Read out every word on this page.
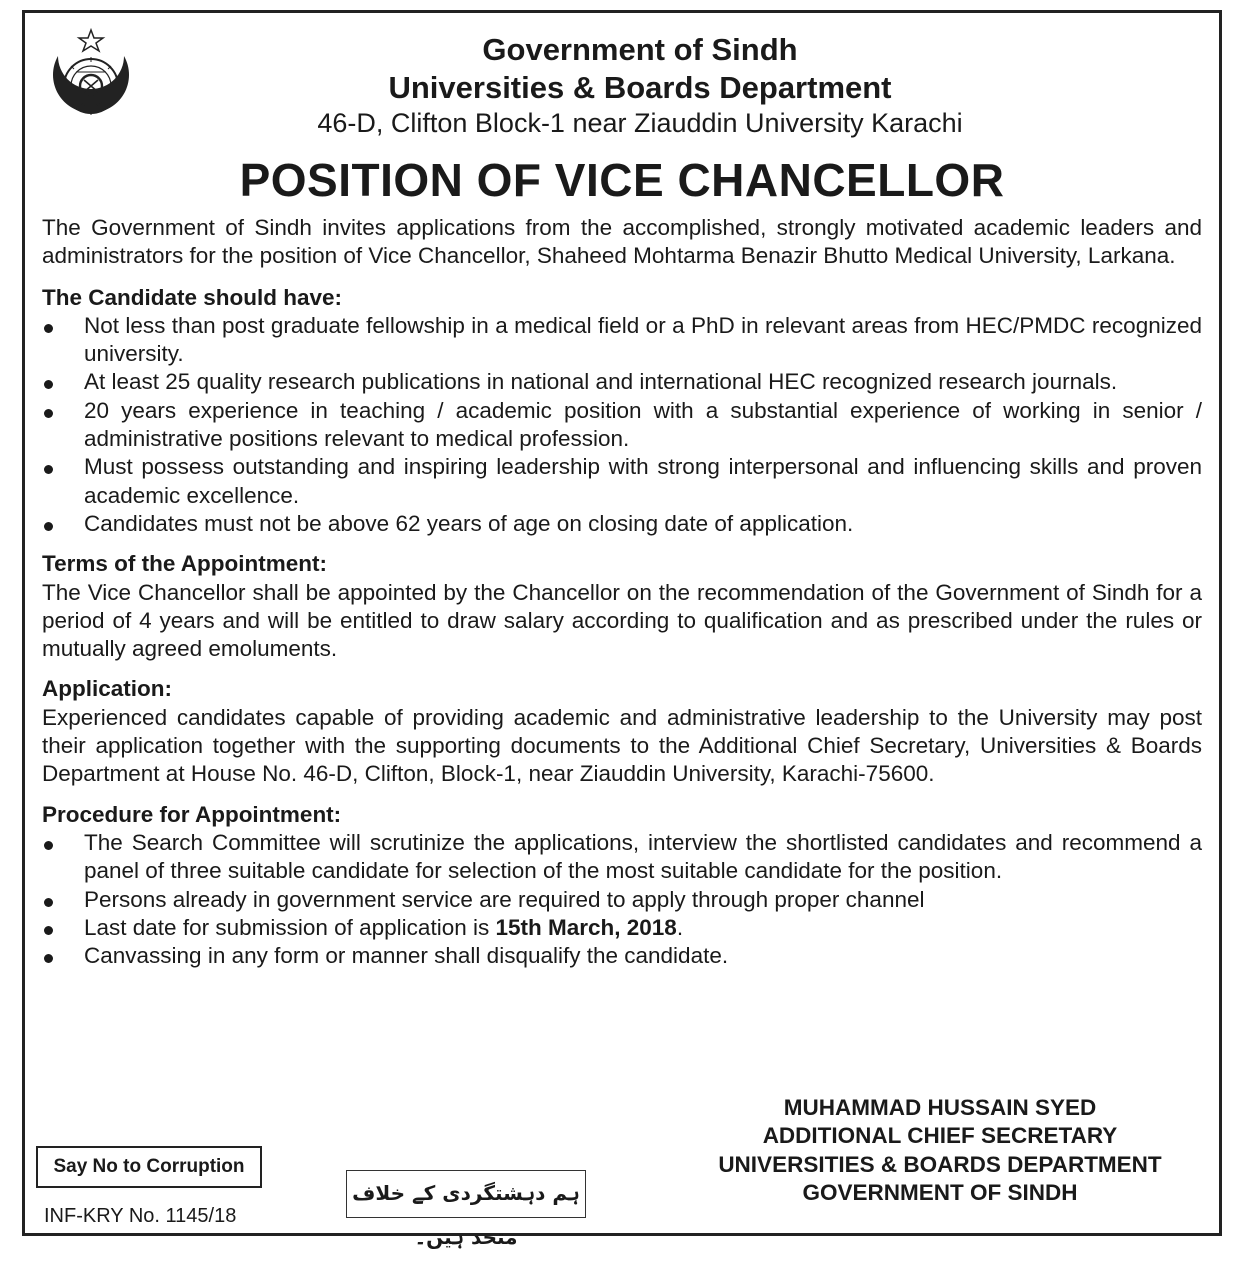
Government of Sindh
Universities & Boards Department
46-D, Clifton Block-1 near Ziauddin University Karachi
POSITION OF VICE CHANCELLOR

The Government of Sindh invites applications from the accomplished, strongly motivated academic leaders and administrators for the position of Vice Chancellor, Shaheed Mohtarma Benazir Bhutto Medical University, Larkana.

The Candidate should have:

Not less than post graduate fellowship in a medical field or a PhD in relevant areas from HEC/PMDC recognized university.
At least 25 quality research publications in national and international HEC recognized research journals.
20 years experience in teaching / academic position with a substantial experience of working in senior / administrative positions relevant to medical profession.
Must possess outstanding and inspiring leadership with strong interpersonal and influencing skills and proven academic excellence.
Candidates must not be above 62 years of age on closing date of application.

Terms of the Appointment:

The Vice Chancellor shall be appointed by the Chancellor on the recommendation of the Government of Sindh for a period of 4 years and will be entitled to draw salary according to qualification and as prescribed under the rules or mutually agreed emoluments.

Application:

Experienced candidates capable of providing academic and administrative leadership to the University may post their application together with the supporting documents to the Additional Chief Secretary, Universities & Boards Department at House No. 46-D, Clifton, Block-1, near Ziauddin University, Karachi-75600.

Procedure for Appointment:

The Search Committee will scrutinize the applications, interview the shortlisted candidates and recommend a panel of three suitable candidate for selection of the most suitable candidate for the position.
Persons already in government service are required to apply through proper channel
Last date for submission of application is 15th March, 2018.
Canvassing in any form or manner shall disqualify the candidate.
MUHAMMAD HUSSAIN SYED
ADDITIONAL CHIEF SECRETARY
UNIVERSITIES & BOARDS DEPARTMENT
GOVERNMENT OF SINDH
Say No to Corruption
ہم دہشتگردی کے خلاف متحد ہیں۔
INF-KRY No. 1145/18
